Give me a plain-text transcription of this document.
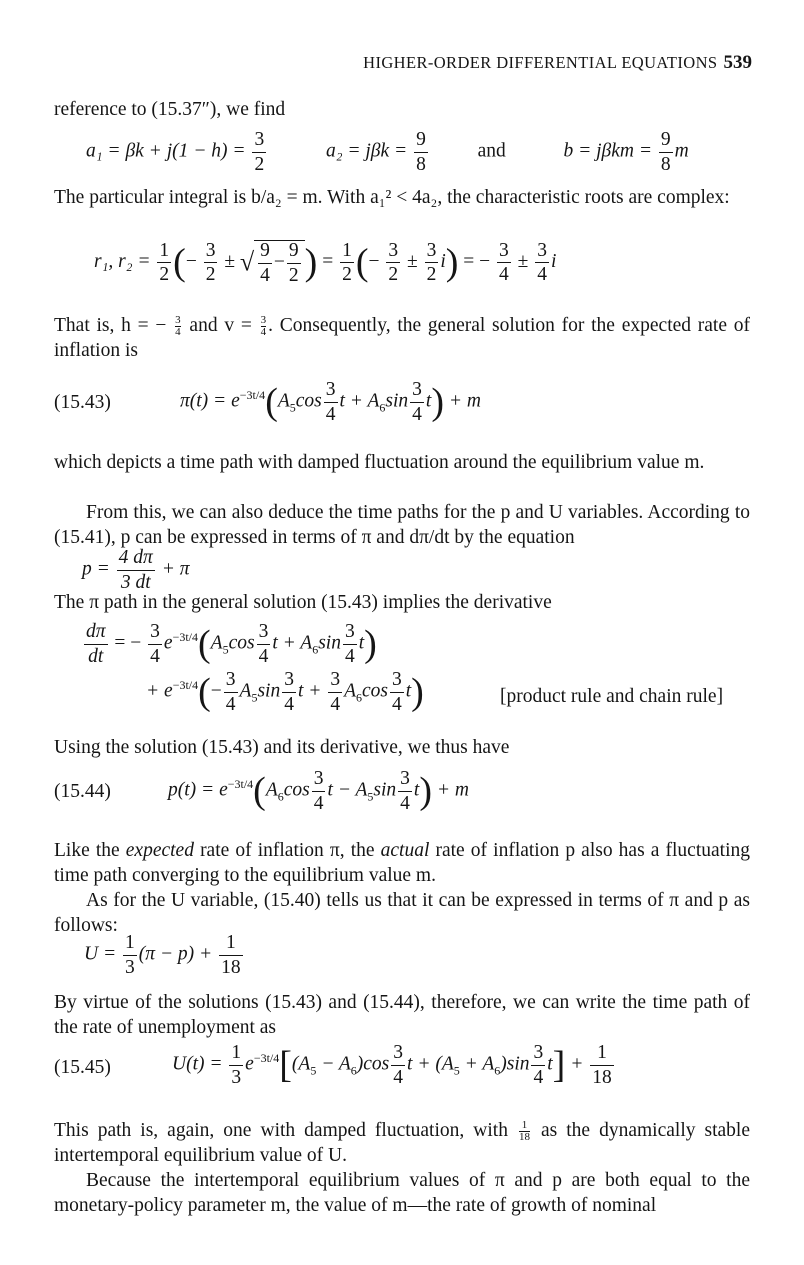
HIGHER-ORDER DIFFERENTIAL EQUATIONS 539
reference to (15.37″), we find
$a_1 = \beta k + j(1 - h) = \frac{3}{2}$	$a_2 = j\beta k = \frac{9}{8}$	and	$b = j\beta km = \frac{9}{8}$ m
The particular integral is b/a₂ = m. With a₁² < 4a₂, the characteristic roots are complex:
r₁, $r_2 = \frac{1}{2}$ (− $\frac{3}{2}$ ± √ $\frac{9}{4} - \frac{9}{2}$ ) = $\frac{1}{2}$ (− $\frac{3}{2} \pm \frac{3}{2} i$) = − $\frac{3}{4} \pm \frac{3}{4}$ i
That is, h = − $\frac{3}{4}$ and $v = \frac{3}{4}$ . Consequently, the general solution for the expected rate of inflation is
(15.43)	$\pi(t) = e^{-3t/4}(A_5\cos \frac{3}{4}$ $t + A_6\sin \frac{3}{4} t) + m$
which depicts a time path with damped fluctuation around the equilibrium value m.
From this, we can also deduce the time paths for the p and U variables. According to (15.41), p can be expressed in terms of π and dπ/dt by the equation
$p = \frac{4 d\pi}{3 dt} + \pi$
The π path in the general solution (15.43) implies the derivative
$\frac{d\pi}{dt}$ = − $\frac{3}{4} e^{-3t/4}(A_5\cos \frac{3}{4}$ $t + A_6\sin \frac{3}{4} t$)
+ $e^{-3t/4}(- \frac{3}{4} A_5\sin \frac{3}{4}$ $t + \frac{3}{4} A_6\cos \frac{3}{4} t$)	[product rule and chain rule]
Using the solution (15.43) and its derivative, we thus have
(15.44)	$p(t) = e^{-3t/4}(A_6\cos \frac{3}{4}$ $t - A_5\sin \frac{3}{4} t) + m$
Like the expected rate of inflation π, the actual rate of inflation p also has a fluctuating time path converging to the equilibrium value m.
As for the U variable, (15.40) tells us that it can be expressed in terms of π and p as follows:
$U = \frac{1}{3} (\pi - p) + \frac{1}{18}$
By virtue of the solutions (15.43) and (15.44), therefore, we can write the time path of the rate of unemployment as
(15.45)	$U(t) = \frac{1}{3} e^{-3t/4}[(A_5 - A_6)\cos \frac{3}{4}$ $t + (A_5 + A_6)\sin \frac{3}{4} t] + \frac{1}{18}$
This path is, again, one with damped fluctuation, with $\frac{1}{18}$ as the dynamically stable intertemporal equilibrium value of U.
Because the intertemporal equilibrium values of π and p are both equal to the monetary-policy parameter m, the value of m—the rate of growth of nominal
